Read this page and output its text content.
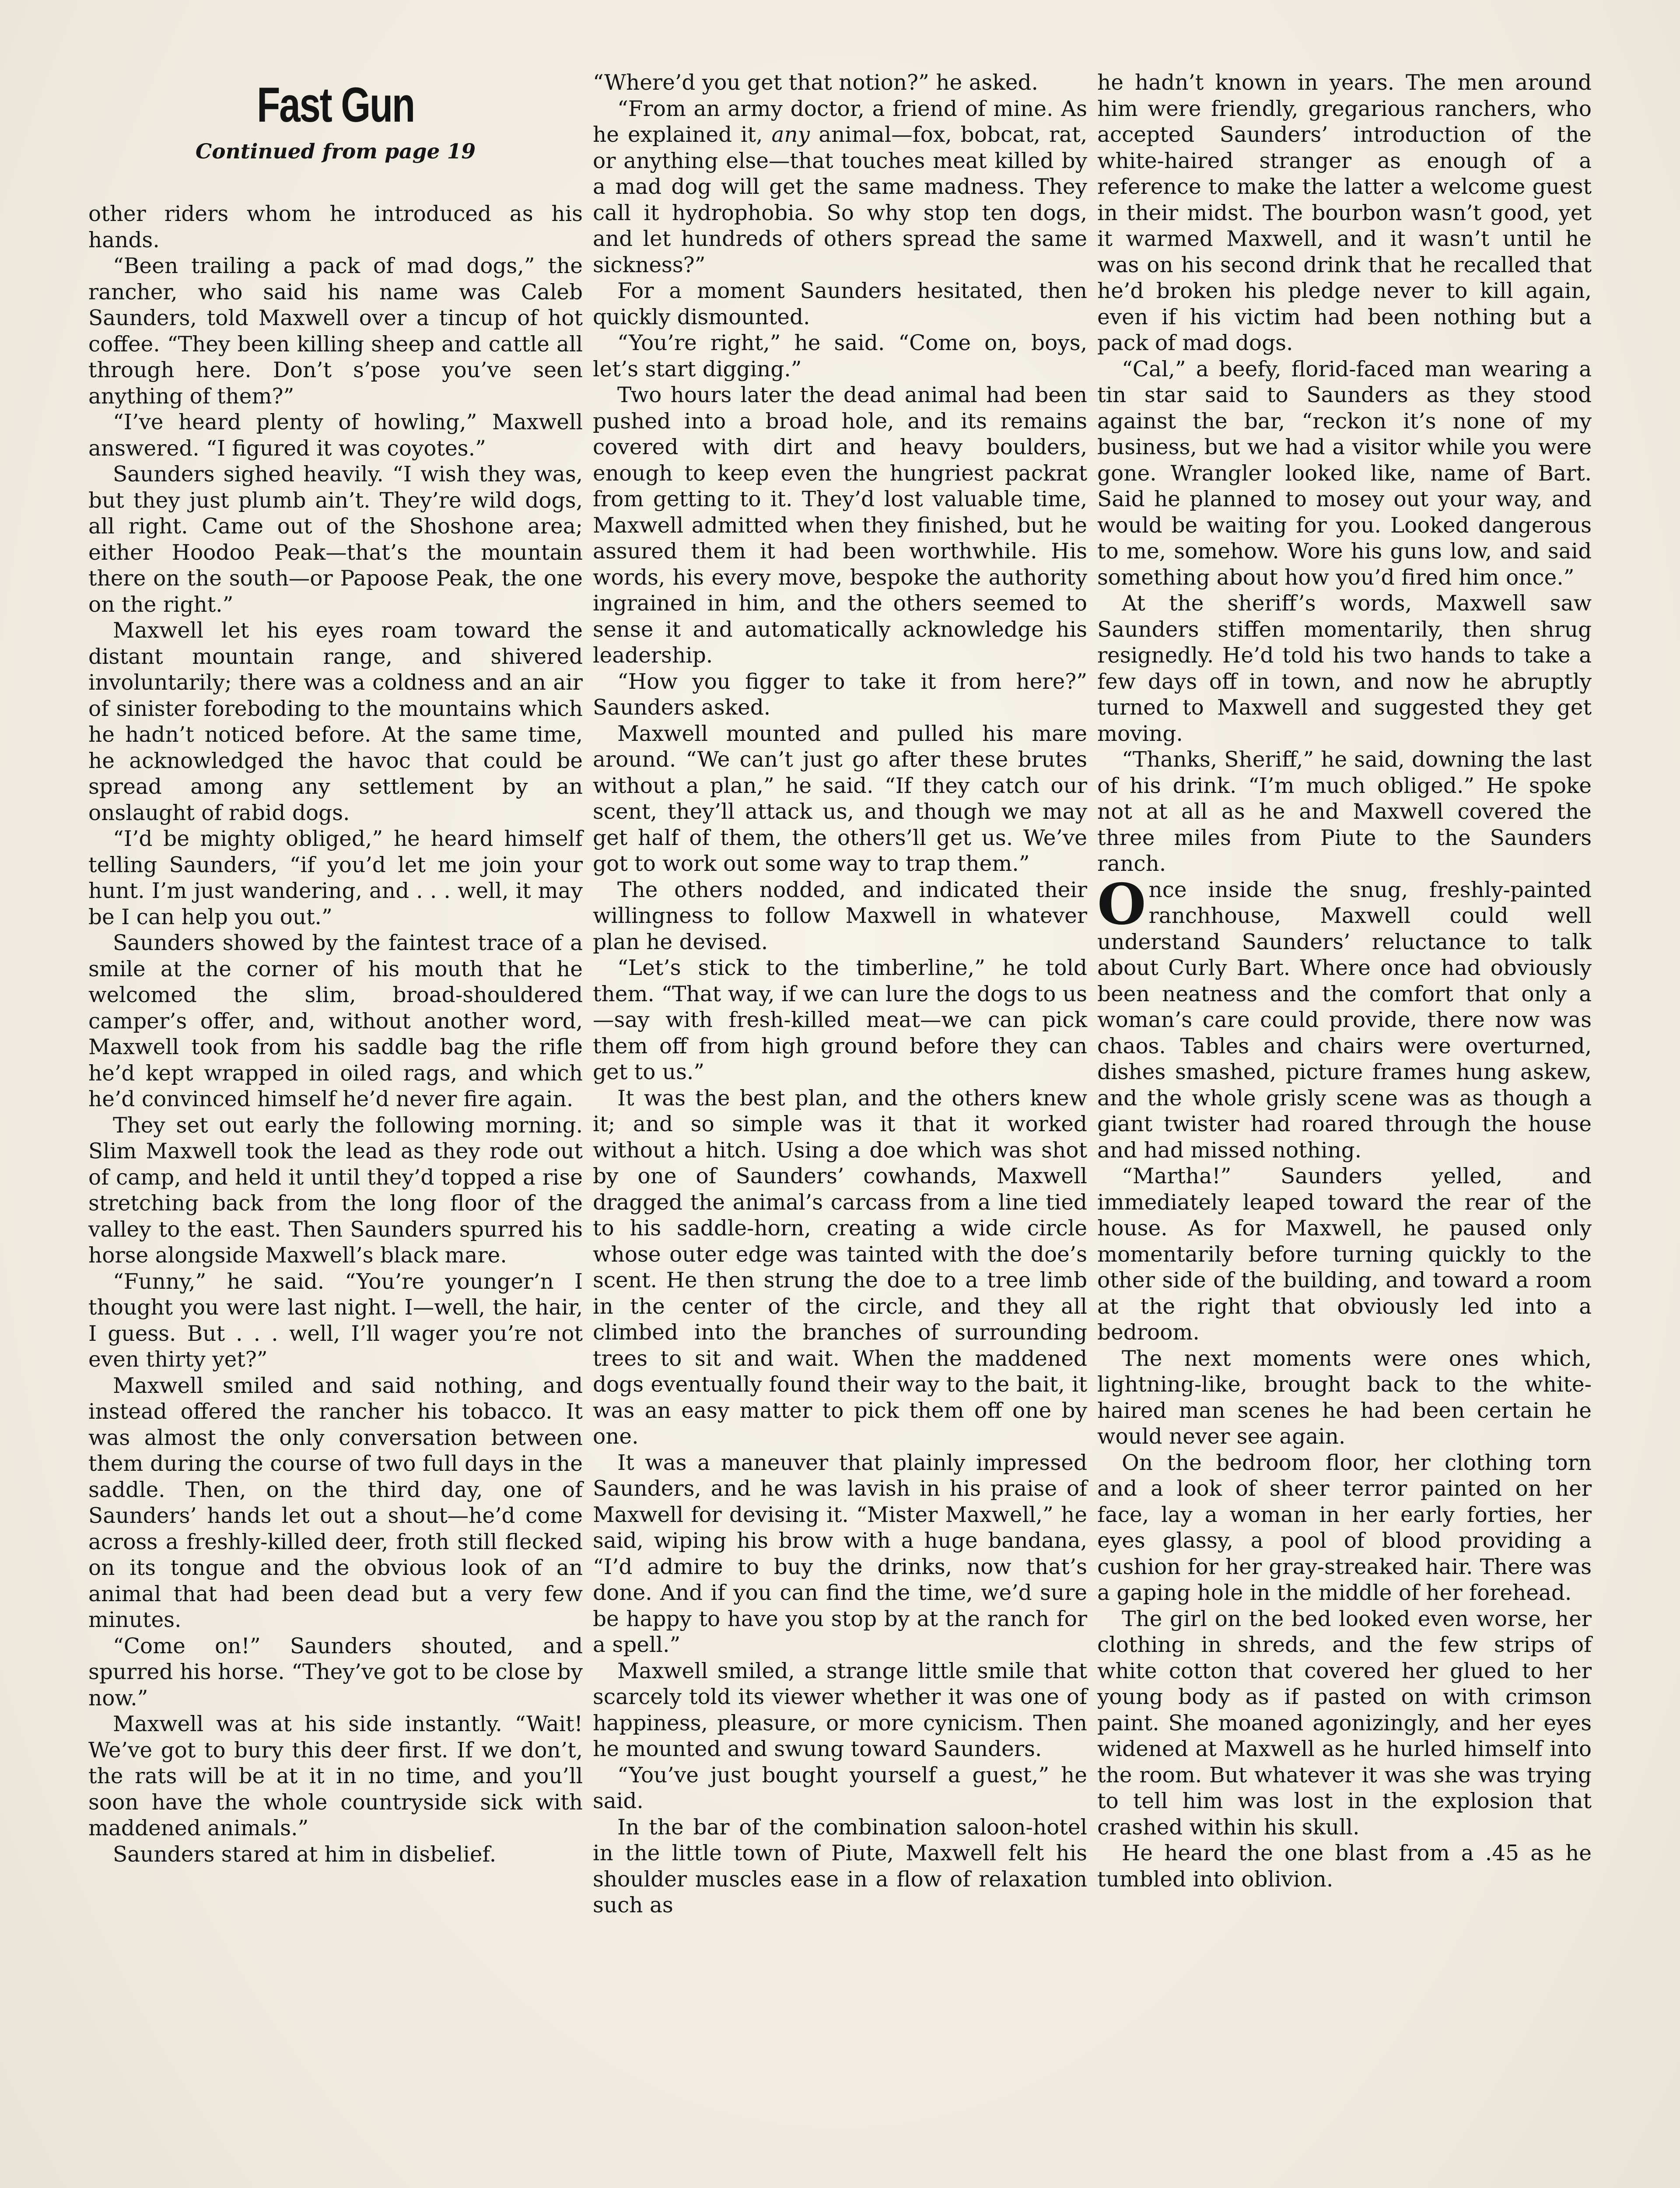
Fast Gun
Continued from page 19

other riders whom he introduced as his hands.

“Been trailing a pack of mad dogs,” the rancher, who said his name was Caleb Saunders, told Maxwell over a tincup of hot coffee. “They been killing sheep and cattle all through here. Don’t s’pose you’ve seen anything of them?”

“I’ve heard plenty of howling,” Maxwell answered. “I figured it was coyotes.”

Saunders sighed heavily. “I wish they was, but they just plumb ain’t. They’re wild dogs, all right. Came out of the Shoshone area; either Hoodoo Peak—that’s the mountain there on the south—or Papoose Peak, the one on the right.”

Maxwell let his eyes roam toward the distant mountain range, and shivered involuntarily; there was a coldness and an air of sinister foreboding to the mountains which he hadn’t noticed before. At the same time, he acknowledged the havoc that could be spread among any settlement by an onslaught of rabid dogs.

“I’d be mighty obliged,” he heard himself telling Saunders, “if you’d let me join your hunt. I’m just wandering, and . . . well, it may be I can help you out.”

Saunders showed by the faintest trace of a smile at the corner of his mouth that he welcomed the slim, broad-shouldered camper’s offer, and, without another word, Maxwell took from his saddle bag the rifle he’d kept wrapped in oiled rags, and which he’d convinced himself he’d never fire again.

They set out early the following morning. Slim Maxwell took the lead as they rode out of camp, and held it until they’d topped a rise stretching back from the long floor of the valley to the east. Then Saunders spurred his horse alongside Maxwell’s black mare.

“Funny,” he said. “You’re younger’n I thought you were last night. I—well, the hair, I guess. But . . . well, I’ll wager you’re not even thirty yet?”

Maxwell smiled and said nothing, and instead offered the rancher his tobacco. It was almost the only conversation between them during the course of two full days in the saddle. Then, on the third day, one of Saunders’ hands let out a shout—he’d come across a freshly-killed deer, froth still flecked on its tongue and the obvious look of an animal that had been dead but a very few minutes.

“Come on!” Saunders shouted, and spurred his horse. “They’ve got to be close by now.”

Maxwell was at his side instantly. “Wait! We’ve got to bury this deer first. If we don’t, the rats will be at it in no time, and you’ll soon have the whole countryside sick with maddened animals.”

Saunders stared at him in disbelief.

“Where’d you get that notion?” he asked.

“From an army doctor, a friend of mine. As he explained it, any animal—fox, bobcat, rat, or anything else—that touches meat killed by a mad dog will get the same madness. They call it hydrophobia. So why stop ten dogs, and let hundreds of others spread the same sickness?”

For a moment Saunders hesitated, then quickly dismounted.

“You’re right,” he said. “Come on, boys, let’s start digging.”

Two hours later the dead animal had been pushed into a broad hole, and its remains covered with dirt and heavy boulders, enough to keep even the hungriest packrat from getting to it. They’d lost valuable time, Maxwell admitted when they finished, but he assured them it had been worthwhile. His words, his every move, bespoke the authority ingrained in him, and the others seemed to sense it and automatically acknowledge his leadership.

“How you figger to take it from here?” Saunders asked.

Maxwell mounted and pulled his mare around. “We can’t just go after these brutes without a plan,” he said. “If they catch our scent, they’ll attack us, and though we may get half of them, the others’ll get us. We’ve got to work out some way to trap them.”

The others nodded, and indicated their willingness to follow Maxwell in whatever plan he devised.

“Let’s stick to the timberline,” he told them. “That way, if we can lure the dogs to us—say with fresh-killed meat—we can pick them off from high ground before they can get to us.”

It was the best plan, and the others knew it; and so simple was it that it worked without a hitch. Using a doe which was shot by one of Saunders’ cowhands, Maxwell dragged the animal’s carcass from a line tied to his saddle-horn, creating a wide circle whose outer edge was tainted with the doe’s scent. He then strung the doe to a tree limb in the center of the circle, and they all climbed into the branches of surrounding trees to sit and wait. When the maddened dogs eventually found their way to the bait, it was an easy matter to pick them off one by one.

It was a maneuver that plainly impressed Saunders, and he was lavish in his praise of Maxwell for devising it. “Mister Maxwell,” he said, wiping his brow with a huge bandana, “I’d admire to buy the drinks, now that’s done. And if you can find the time, we’d sure be happy to have you stop by at the ranch for a spell.”

Maxwell smiled, a strange little smile that scarcely told its viewer whether it was one of happiness, pleasure, or more cynicism. Then he mounted and swung toward Saunders.

“You’ve just bought yourself a guest,” he said.

In the bar of the combination saloon-hotel in the little town of Piute, Maxwell felt his shoulder muscles ease in a flow of relaxation such as

he hadn’t known in years. The men around him were friendly, gregarious ranchers, who accepted Saunders’ introduction of the white-haired stranger as enough of a reference to make the latter a welcome guest in their midst. The bourbon wasn’t good, yet it warmed Maxwell, and it wasn’t until he was on his second drink that he recalled that he’d broken his pledge never to kill again, even if his victim had been nothing but a pack of mad dogs.

“Cal,” a beefy, florid-faced man wearing a tin star said to Saunders as they stood against the bar, “reckon it’s none of my business, but we had a visitor while you were gone. Wrangler looked like, name of Bart. Said he planned to mosey out your way, and would be waiting for you. Looked dangerous to me, somehow. Wore his guns low, and said something about how you’d fired him once.”

At the sheriff’s words, Maxwell saw Saunders stiffen momentarily, then shrug resignedly. He’d told his two hands to take a few days off in town, and now he abruptly turned to Maxwell and suggested they get moving.

“Thanks, Sheriff,” he said, downing the last of his drink. “I’m much obliged.” He spoke not at all as he and Maxwell covered the three miles from Piute to the Saunders ranch.

Once inside the snug, freshly-painted ranchhouse, Maxwell could well understand Saunders’ reluctance to talk about Curly Bart. Where once had obviously been neatness and the comfort that only a woman’s care could provide, there now was chaos. Tables and chairs were overturned, dishes smashed, picture frames hung askew, and the whole grisly scene was as though a giant twister had roared through the house and had missed nothing.

“Martha!” Saunders yelled, and immediately leaped toward the rear of the house. As for Maxwell, he paused only momentarily before turning quickly to the other side of the building, and toward a room at the right that obviously led into a bedroom.

The next moments were ones which, lightning-like, brought back to the white-haired man scenes he had been certain he would never see again.

On the bedroom floor, her clothing torn and a look of sheer terror painted on her face, lay a woman in her early forties, her eyes glassy, a pool of blood providing a cushion for her gray-streaked hair. There was a gaping hole in the middle of her forehead.

The girl on the bed looked even worse, her clothing in shreds, and the few strips of white cotton that covered her glued to her young body as if pasted on with crimson paint. She moaned agonizingly, and her eyes widened at Maxwell as he hurled himself into the room. But whatever it was she was trying to tell him was lost in the explosion that crashed within his skull.

He heard the one blast from a .45 as he tumbled into oblivion.
